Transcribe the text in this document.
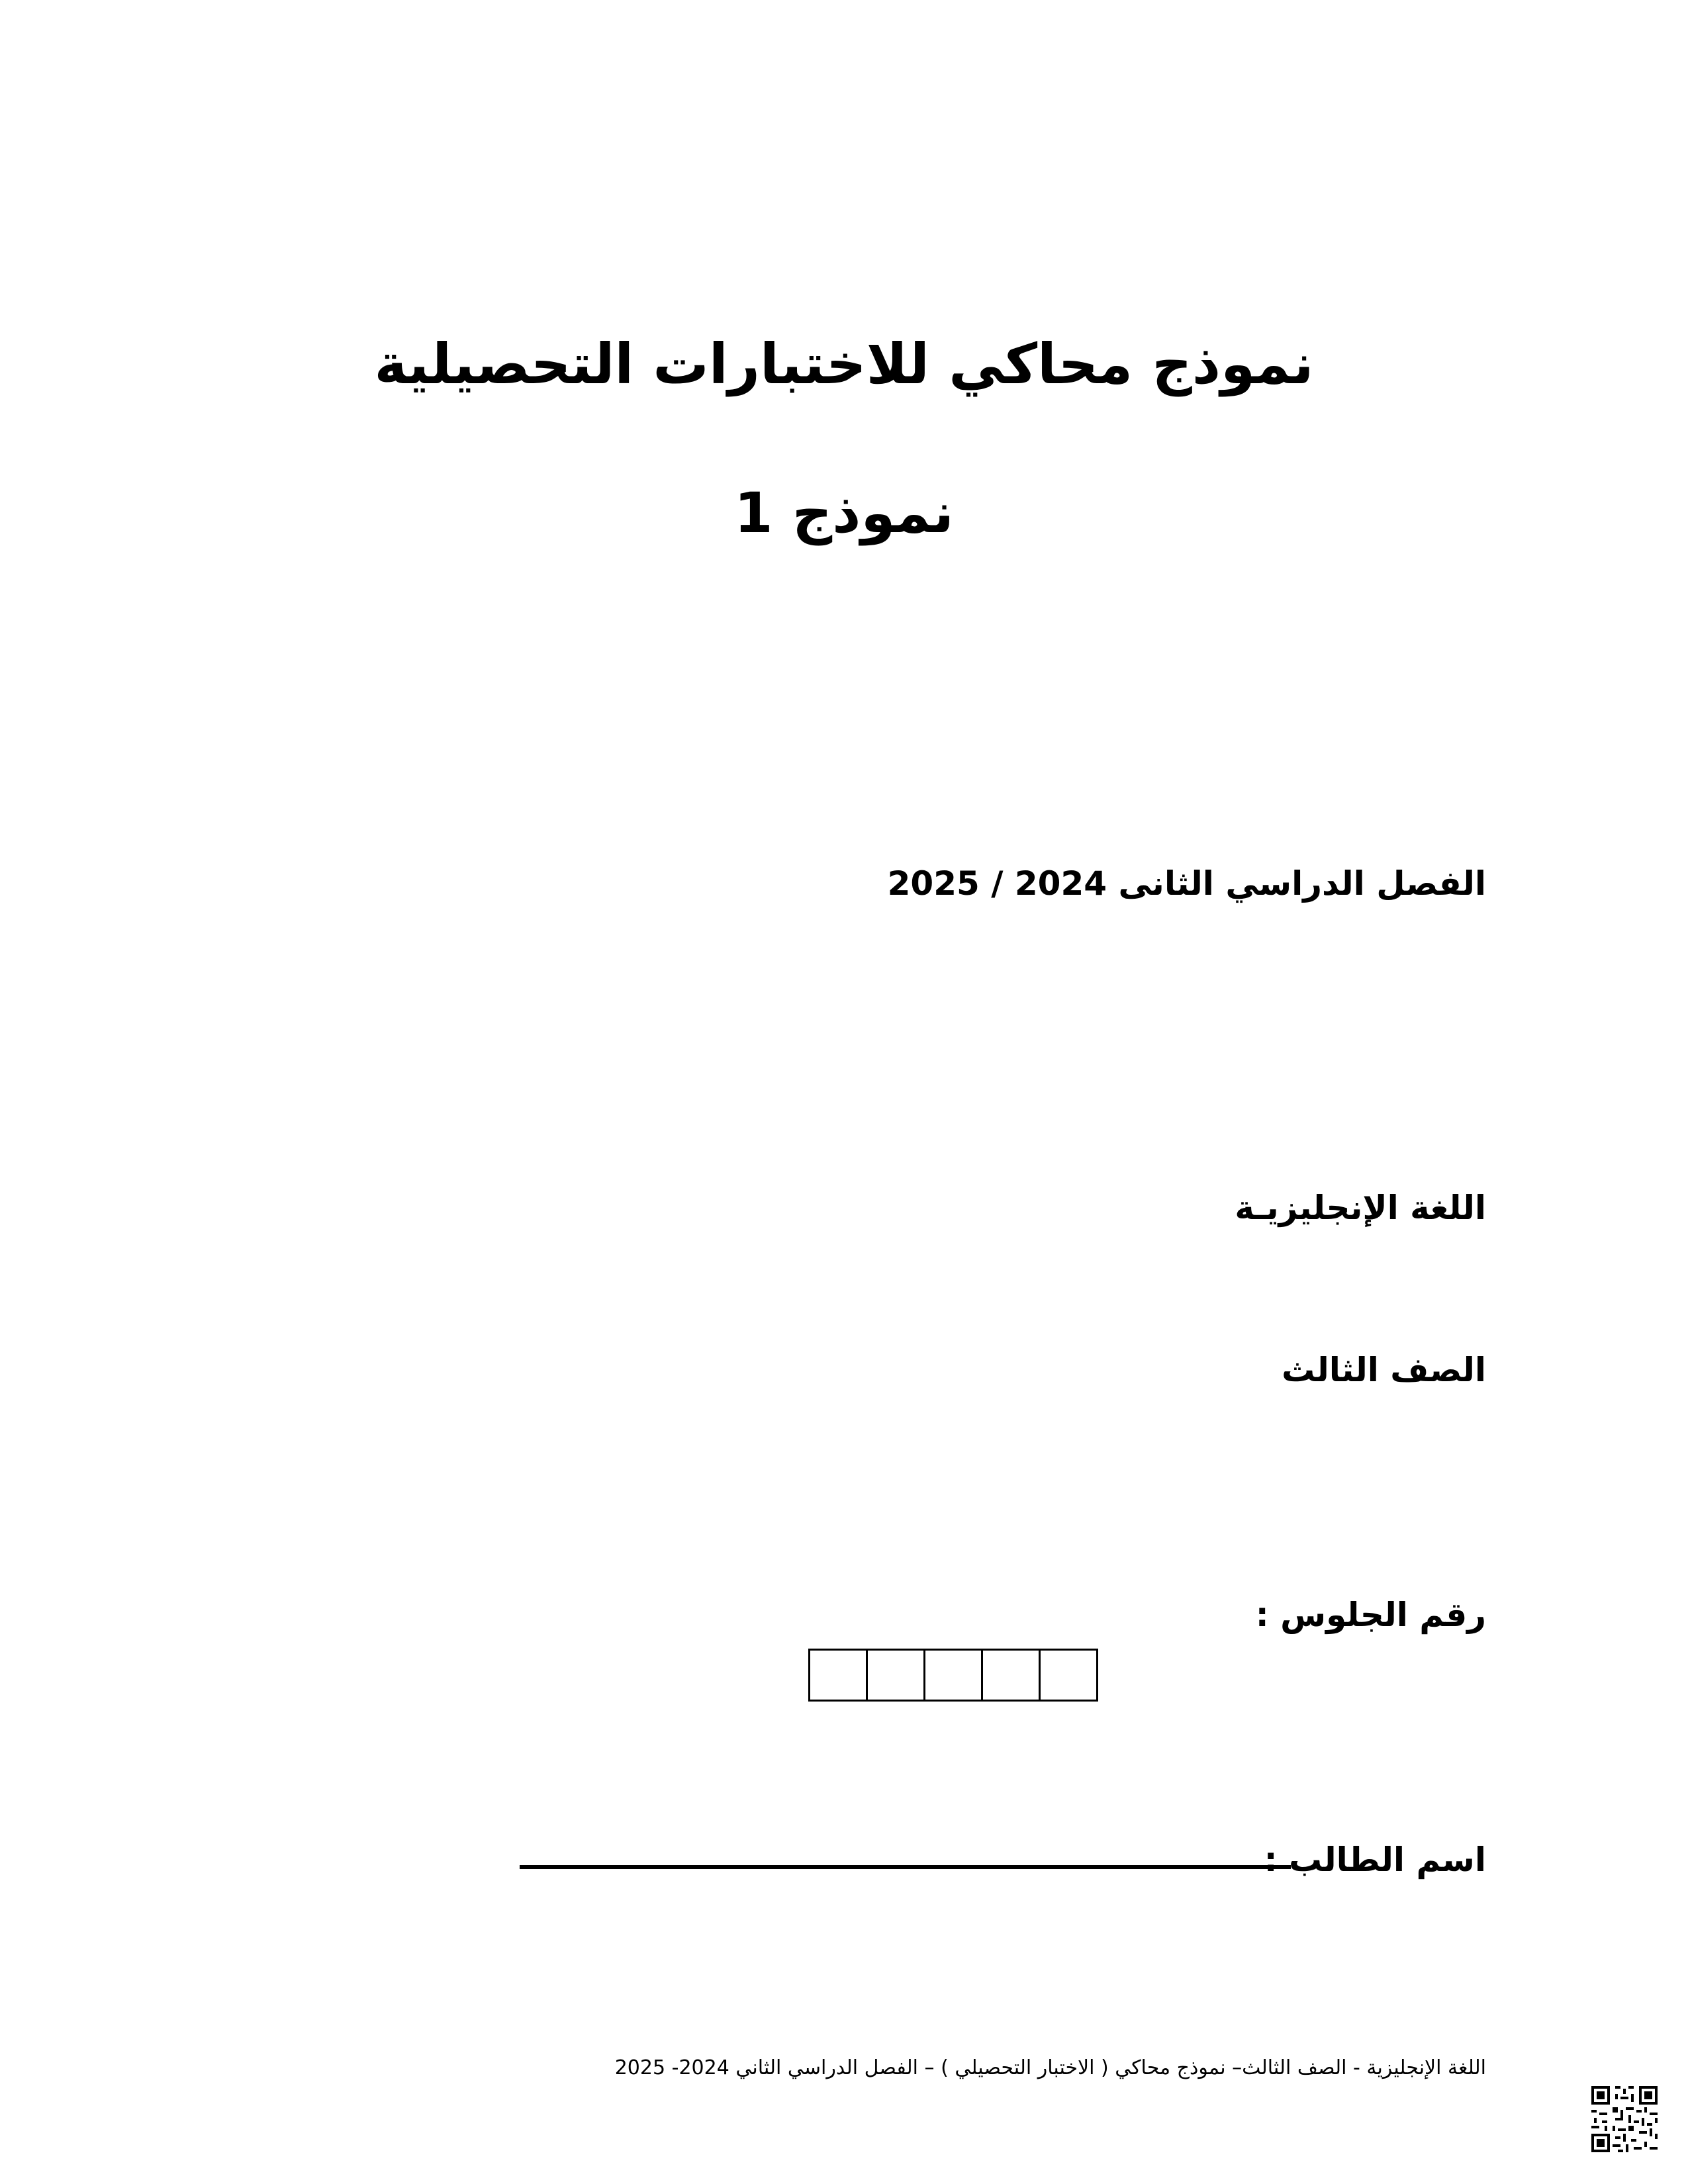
نموذج محاكي للاختبارات التحصيلية
نموذج 1
الفصل الدراسي الثانى 2024 / 2025
اللغة الإنجليزيـة
الصف الثالث
رقم الجلوس :
اسم الطالب :
اللغة الإنجليزية - الصف الثالث– نموذج محاكي ( الاختبار التحصيلي ) – الفصل الدراسي الثاني 2024- 2025
